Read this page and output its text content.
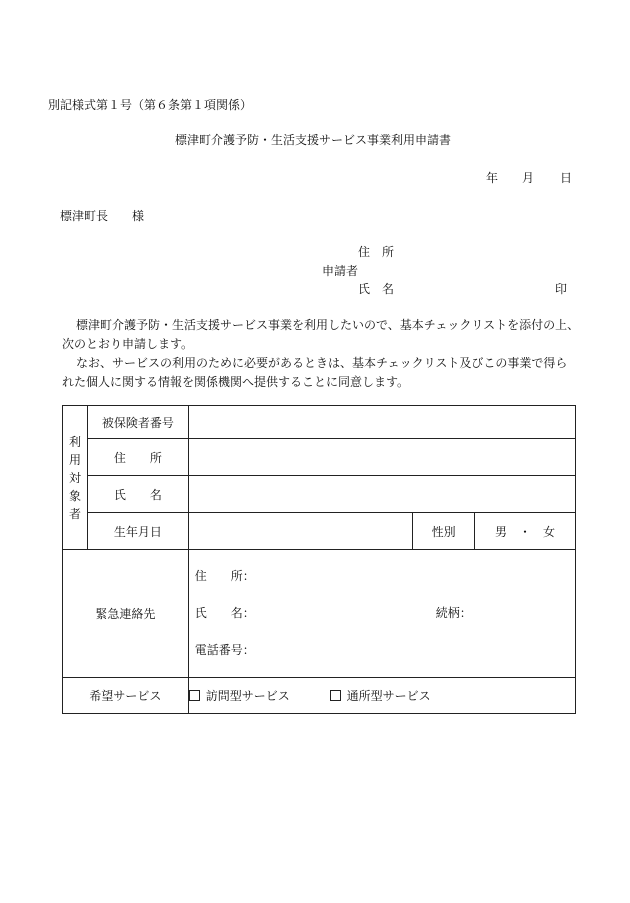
別記様式第１号（第６条第１項関係）
標津町介護予防・生活支援サービス事業利用申請書
年 月 日
標津町長　　様
住　所
申請者
氏　名	印

標津町介護予防・生活支援サービス事業を利用したいので、基本チェックリストを添付の上、

次のとおり申請します。

なお、サービスの利用のために必要があるときは、基本チェックリスト及びこの事業で得ら

れた個人に関する情報を関係機関へ提供することに同意します。

利
用
対
象
者	被保険者番号			
	住　　所			
	氏　　名			
	生年月日		性別	男　・　女
緊急連絡先		住　　所：
氏　　名： 続柄：
電話番号：		

希望サービス		訪問型サービス 通所型サービス		
